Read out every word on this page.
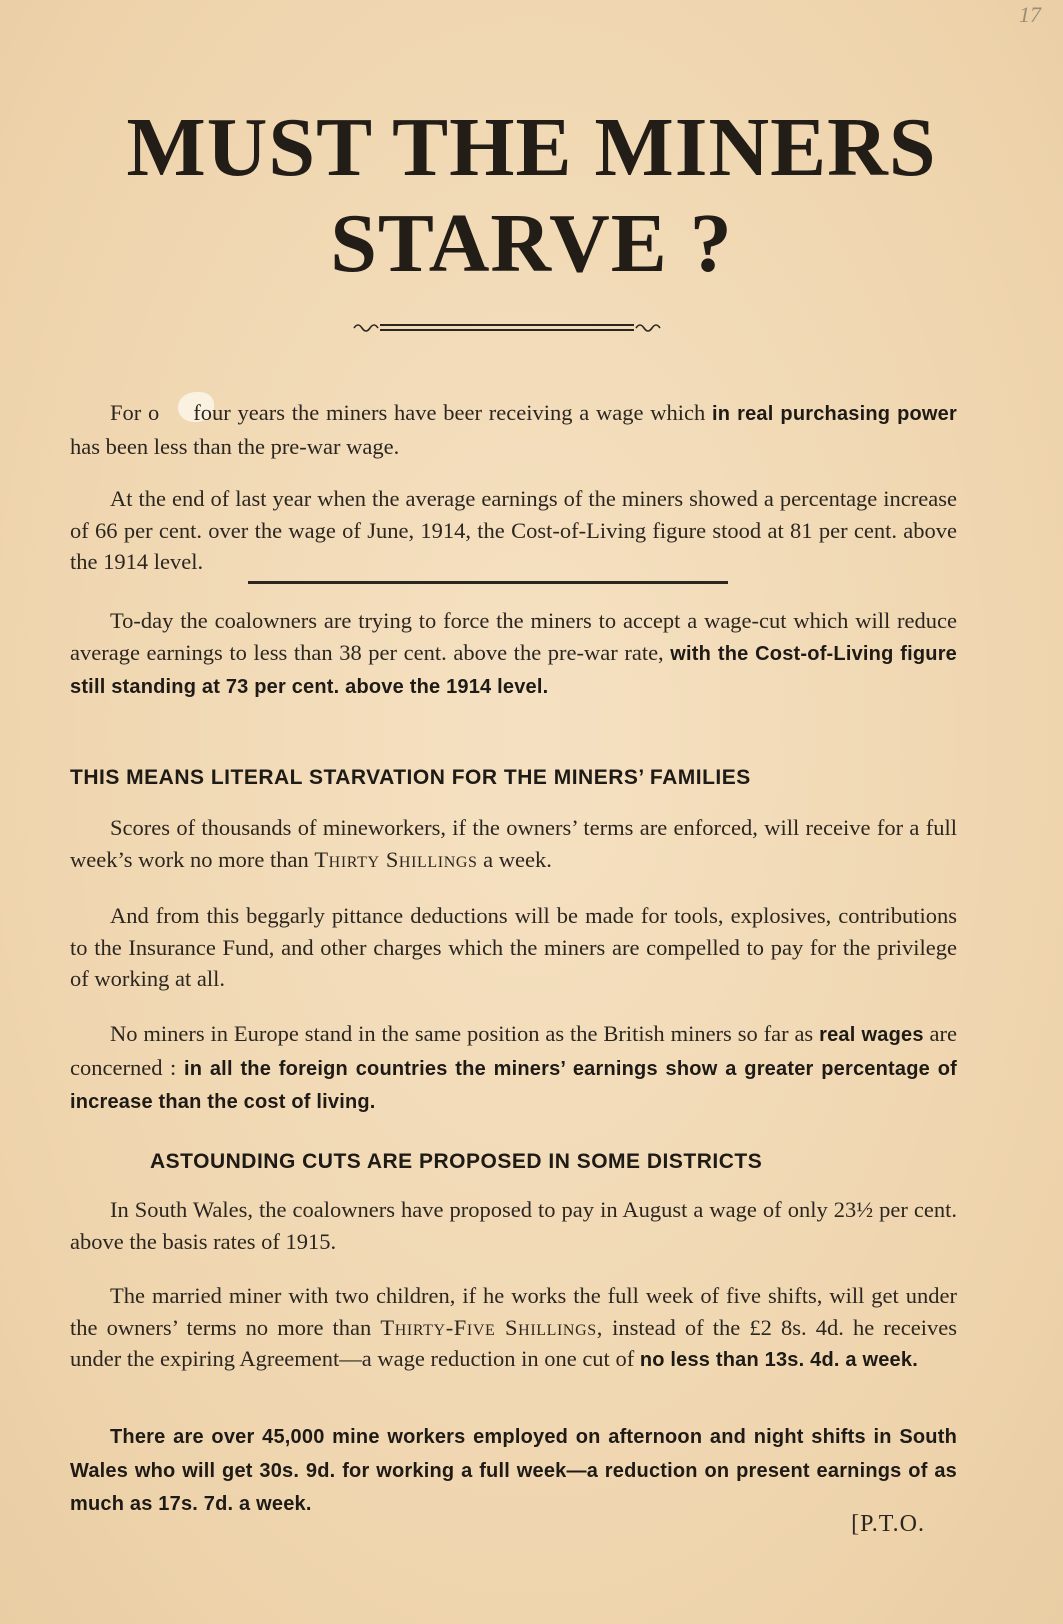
17
MUST THE MINERS
STARVE ?

For o four years the miners have beer receiving a wage which in real purchasing power has been less than the pre-war wage.

At the end of last year when the average earnings of the miners showed a percentage increase of 66 per cent. over the wage of June, 1914, the Cost-of-Living figure stood at 81 per cent. above the 1914 level.

To-day the coalowners are trying to force the miners to accept a wage-cut which will reduce average earnings to less than 38 per cent. above the pre-war rate, with the Cost-of-Living figure still standing at 73 per cent. above the 1914 level.

THIS MEANS LITERAL STARVATION FOR THE MINERS’ FAMILIES

Scores of thousands of mineworkers, if the owners’ terms are enforced, will receive for a full week’s work no more than Thirty Shillings a week.

And from this beggarly pittance deductions will be made for tools, explosives, contributions to the Insurance Fund, and other charges which the miners are compelled to pay for the privilege of working at all.

No miners in Europe stand in the same position as the British miners so far as real wages are concerned : in all the foreign countries the miners’ earnings show a greater percentage of increase than the cost of living.

ASTOUNDING CUTS ARE PROPOSED IN SOME DISTRICTS

In South Wales, the coalowners have proposed to pay in August a wage of only 23½ per cent. above the basis rates of 1915.

The married miner with two children, if he works the full week of five shifts, will get under the owners’ terms no more than Thirty-Five Shillings, instead of the £2 8s. 4d. he receives under the expiring Agreement—a wage reduction in one cut of no less than 13s. 4d. a week.

There are over 45,000 mine workers employed on afternoon and night shifts in South Wales who will get 30s. 9d. for working a full week—a reduction on present earnings of as much as 17s. 7d. a week.

[P.T.O.
